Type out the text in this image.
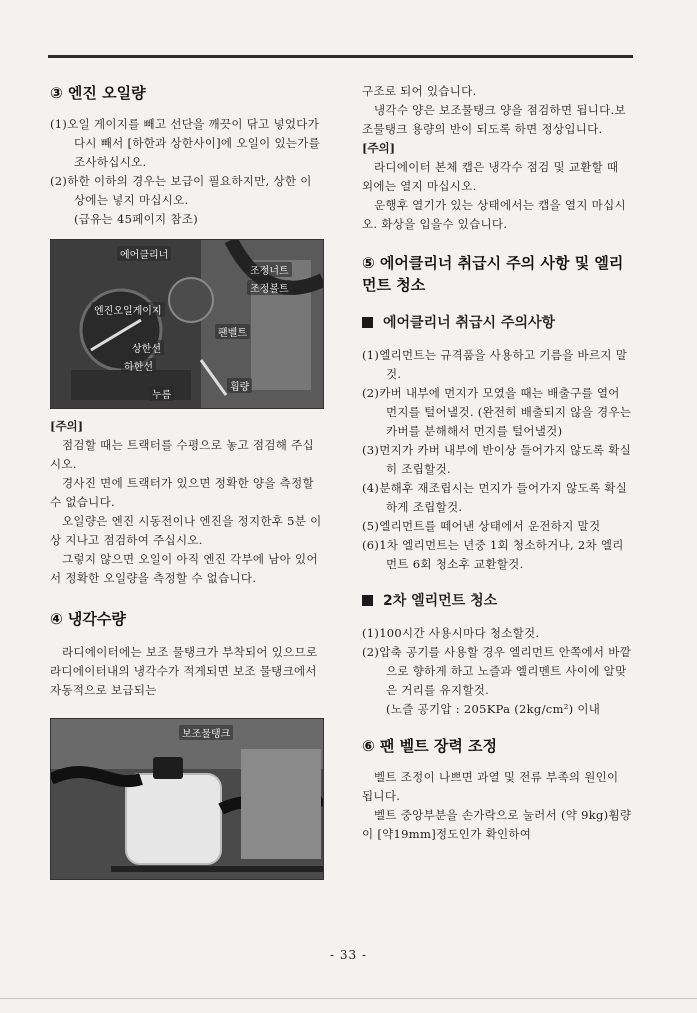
③ 엔진 오일량

(1)오일 게이지를 빼고 선단을 깨끗이 닦고 넣었다가 다시 빼서 [하한과 상한사이]에 오일이 있는가를 조사하십시오.

(2)하한 이하의 경우는 보급이 필요하지만, 상한 이상에는 넣지 마십시오.

(급유는 45페이지 참조)

에어클리너
조정너트
조정볼트
엔진오일게이지
팬벨트
상한선
하한선
누름
휨량

[주의]

점검할 때는 트랙터를 수평으로 놓고 점검해 주십시오.

경사진 면에 트랙터가 있으면 정확한 양을 측정할 수 없습니다.

오일량은 엔진 시동전이나 엔진을 정지한후 5분 이상 지나고 점검하여 주십시오.

그렇지 않으면 오일이 아직 엔진 각부에 남아 있어서 정확한 오일량을 측정할 수 없습니다.

④ 냉각수량

라디에이터에는 보조 물탱크가 부착되어 있으므로 라디에이터내의 냉각수가 적게되면 보조 물탱크에서 자동적으로 보급되는

보조물탱크

구조로 되어 있습니다.

냉각수 양은 보조물탱크 양을 점검하면 됩니다.보조물탱크 용량의 반이 되도록 하면 정상입니다.

[주의]

라디에이터 본체 캡은 냉각수 점검 및 교환할 때 외에는 열지 마십시오.

운행후 열기가 있는 상태에서는 캡을 열지 마십시오. 화상을 입을수 있습니다.

⑤ 에어클리너 취급시 주의 사항 및 엘리먼트 청소
에어클리너 취급시 주의사항

(1)엘리먼트는 규격품을 사용하고 기름을 바르지 말것.

(2)카버 내부에 먼지가 모였을 때는 배출구를 열어 먼지를 털어낼것. (완전히 배출되지 않을 경우는 카버를 분해해서 먼지를 털어낼것)

(3)먼지가 카버 내부에 반이상 들어가지 않도록 확실히 조립할것.

(4)분해후 재조립시는 먼지가 들어가지 않도록 확실하게 조립할것.

(5)엘리먼트를 떼어낸 상태에서 운전하지 말것

(6)1차 엘리먼트는 년중 1회 청소하거나, 2차 엘리먼트 6회 청소후 교환할것.

2차 엘리먼트 청소

(1)100시간 사용시마다 청소할것.

(2)압축 공기를 사용할 경우 엘리먼트 안쪽에서 바깥으로 향하게 하고 노즐과 엘리멘트 사이에 알맞은 거리를 유지할것.

(노즐 공기압 : 205KPa (2kg/cm²) 이내

⑥ 팬 벨트 장력 조정

벨트 조정이 나쁘면 과열 및 전류 부족의 원인이 됩니다.

벨트 중앙부분을 손가락으로 눌러서 (약 9kg)휨량이 [약19mm]정도인가 확인하여

- 33 -
